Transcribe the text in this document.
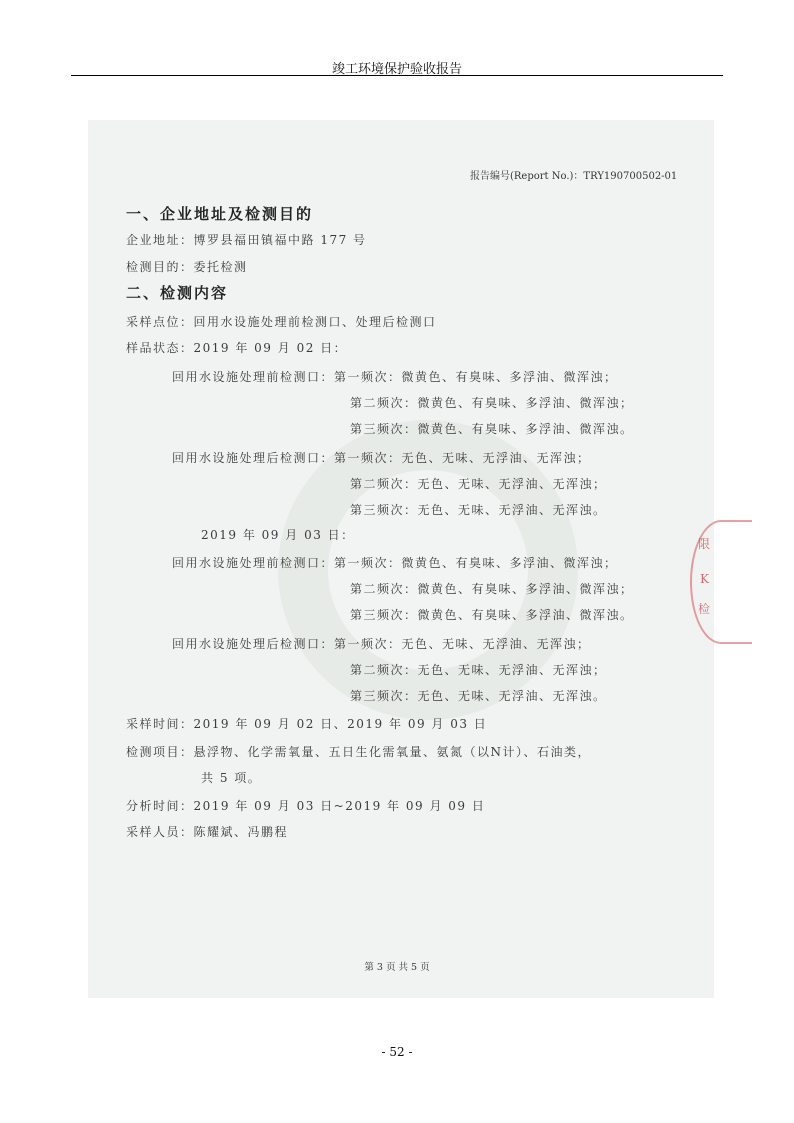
竣工环境保护验收报告
限
K
检
报告编号(Report No.)：TRY190700502-01
一、企业地址及检测目的
企业地址：博罗县福田镇福中路 177 号
检测目的：委托检测
二、检测内容
采样点位：回用水设施处理前检测口、处理后检测口
样品状态：2019 年 09 月 02 日：
回用水设施处理前检测口：第一频次：微黄色、有臭味、多浮油、微浑浊；
第二频次：微黄色、有臭味、多浮油、微浑浊；
第三频次：微黄色、有臭味、多浮油、微浑浊。
回用水设施处理后检测口：第一频次：无色、无味、无浮油、无浑浊；
第二频次：无色、无味、无浮油、无浑浊；
第三频次：无色、无味、无浮油、无浑浊。
2019 年 09 月 03 日：
回用水设施处理前检测口：第一频次：微黄色、有臭味、多浮油、微浑浊；
第二频次：微黄色、有臭味、多浮油、微浑浊；
第三频次：微黄色、有臭味、多浮油、微浑浊。
回用水设施处理后检测口：第一频次：无色、无味、无浮油、无浑浊；
第二频次：无色、无味、无浮油、无浑浊；
第三频次：无色、无味、无浮油、无浑浊。
采样时间：2019 年 09 月 02 日、2019 年 09 月 03 日
检测项目：悬浮物、化学需氧量、五日生化需氧量、氨氮（以N计）、石油类，
共 5 项。
分析时间：2019 年 09 月 03 日~2019 年 09 月 09 日
采样人员：陈耀斌、冯鹏程
第 3 页 共 5 页
- 52 -
